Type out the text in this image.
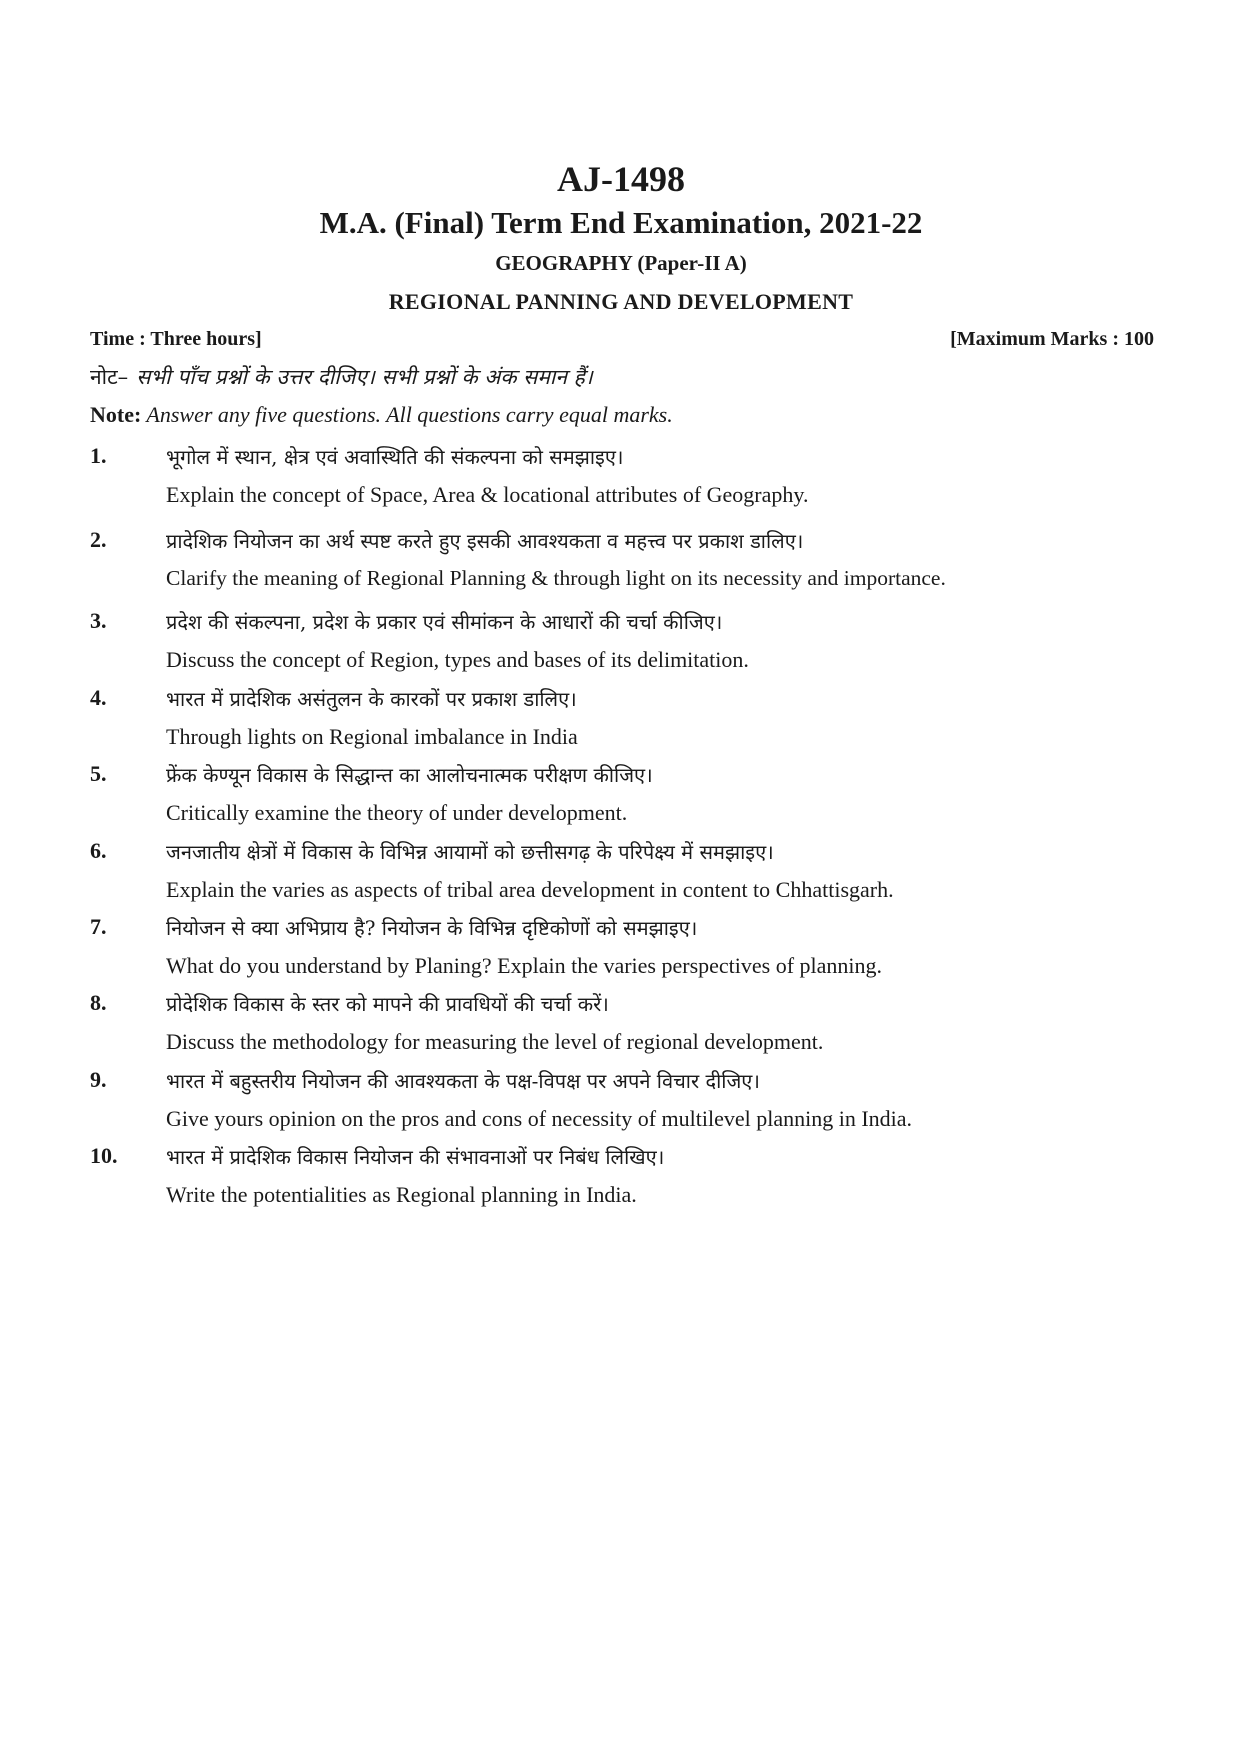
AJ-1498
M.A. (Final) Term End Examination, 2021-22
GEOGRAPHY (Paper-II A)
REGIONAL PANNING AND DEVELOPMENT
Time : Three hours]	[Maximum Marks : 100
नोट– सभी पाँच प्रश्नों के उत्तर दीजिए। सभी प्रश्नों के अंक समान हैं।
Note: Answer any five questions. All questions carry equal marks.
1.	भूगोल में स्थान, क्षेत्र एवं अवास्थिति की संकल्पना को समझाइए।
Explain the concept of Space, Area & locational attributes of Geography.
2.	प्रादेशिक नियोजन का अर्थ स्पष्ट करते हुए इसकी आवश्यकता व महत्त्व पर प्रकाश डालिए।
Clarify the meaning of Regional Planning & through light on its necessity and importance.
3.	प्रदेश की संकल्पना, प्रदेश के प्रकार एवं सीमांकन के आधारों की चर्चा कीजिए।
Discuss the concept of Region, types and bases of its delimitation.
4.	भारत में प्रादेशिक असंतुलन के कारकों पर प्रकाश डालिए।
Through lights on Regional imbalance in India
5.	फ्रेंक केण्यून विकास के सिद्धान्त का आलोचनात्मक परीक्षण कीजिए।
Critically examine the theory of under development.
6.	जनजातीय क्षेत्रों में विकास के विभिन्न आयामों को छत्तीसगढ़ के परिपेक्ष्य में समझाइए।
Explain the varies as aspects of tribal area development in content to Chhattisgarh.
7.	नियोजन से क्या अभिप्राय है? नियोजन के विभिन्न दृष्टिकोणों को समझाइए।
What do you understand by Planing? Explain the varies perspectives of planning.
8.	प्रोदेशिक विकास के स्तर को मापने की प्रावधियों की चर्चा करें।
Discuss the methodology for measuring the level of regional development.
9.	भारत में बहुस्तरीय नियोजन की आवश्यकता के पक्ष-विपक्ष पर अपने विचार दीजिए।
Give yours opinion on the pros and cons of necessity of multilevel planning in India.
10. भारत में प्रादेशिक विकास नियोजन की संभावनाओं पर निबंध लिखिए।
Write the potentialities as Regional planning in India.
